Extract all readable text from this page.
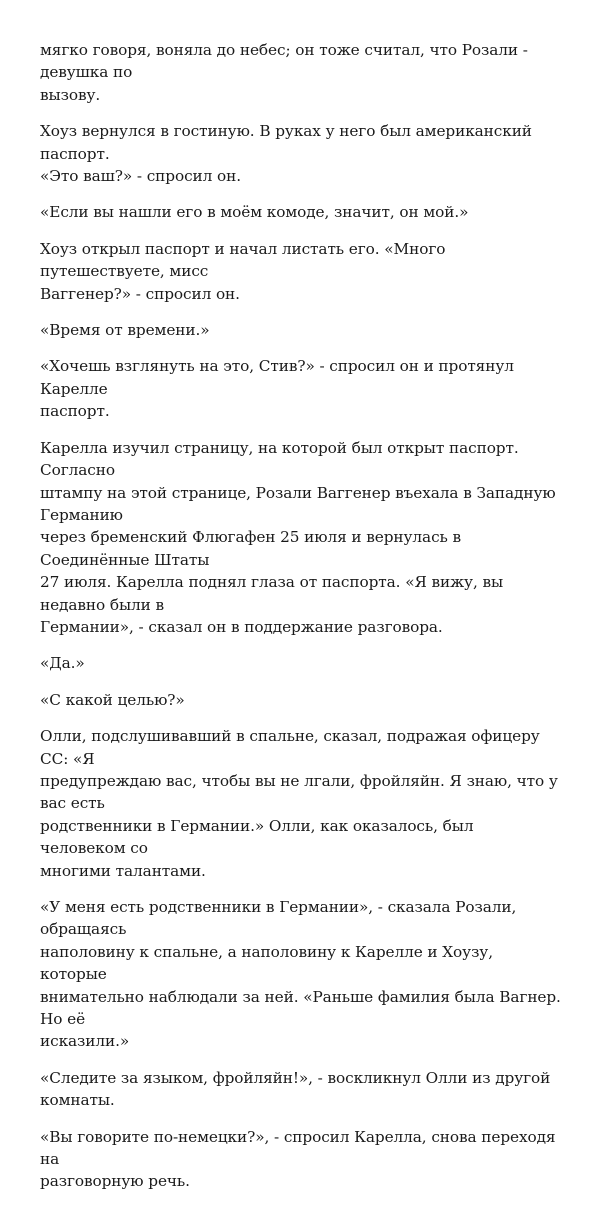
мягко говоря, воняла до небес; он тоже считал, что Розали - девушка по
вызову.

Хоуз вернулся в гостиную. В руках у него был американский паспорт.
«Это ваш?» - спросил он.

«Если вы нашли его в моём комоде, значит, он мой.»

Хоуз открыл паспорт и начал листать его. «Много путешествуете, мисс
Ваггенер?» - спросил он.

«Время от времени.»

«Хочешь взглянуть на это, Стив?» - спросил он и протянул Карелле
паспорт.

Карелла изучил страницу, на которой был открыт паспорт. Согласно
штампу на этой странице, Розали Ваггенер въехала в Западную Германию
через бременский Флюгафен 25 июля и вернулась в Соединённые Штаты
27 июля. Карелла поднял глаза от паспорта. «Я вижу, вы недавно были в
Германии», - сказал он в поддержание разговора.

«Да.»

«С какой целью?»

Олли, подслушивавший в спальне, сказал, подражая офицеру СС: «Я
предупреждаю вас, чтобы вы не лгали, фройляйн. Я знаю, что у вас есть
родственники в Германии.» Олли, как оказалось, был человеком со
многими талантами.

«У меня есть родственники в Германии», - сказала Розали, обращаясь
наполовину к спальне, а наполовину к Карелле и Хоузу, которые
внимательно наблюдали за ней. «Раньше фамилия была Вагнер. Но её
исказили.»

«Следите за языком, фройляйн!», - воскликнул Олли из другой комнаты.

«Вы говорите по-немецки?», - спросил Карелла, снова переходя на
разговорную речь.
